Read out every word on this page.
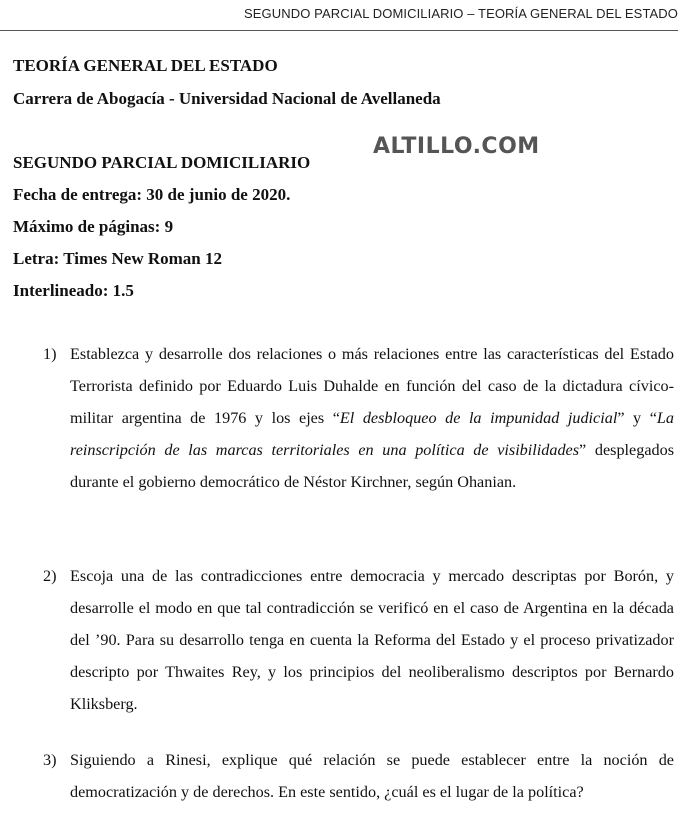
SEGUNDO PARCIAL DOMICILIARIO – TEORÍA GENERAL DEL ESTADO
TEORÍA GENERAL DEL ESTADO
Carrera de Abogacía - Universidad Nacional de Avellaneda
ALTILLO.COM
SEGUNDO PARCIAL DOMICILIARIO
Fecha de entrega: 30 de junio de 2020.
Máximo de páginas: 9
Letra: Times New Roman 12
Interlineado: 1.5
1) Establezca y desarrolle dos relaciones o más relaciones entre las características del Estado Terrorista definido por Eduardo Luis Duhalde en función del caso de la dictadura cívico-militar argentina de 1976 y los ejes “El desbloqueo de la impunidad judicial” y “La reinscripción de las marcas territoriales en una política de visibilidades” desplegados durante el gobierno democrático de Néstor Kirchner, según Ohanian.
2) Escoja una de las contradicciones entre democracia y mercado descriptas por Borón, y desarrolle el modo en que tal contradicción se verificó en el caso de Argentina en la década del ’90. Para su desarrollo tenga en cuenta la Reforma del Estado y el proceso privatizador descripto por Thwaites Rey, y los principios del neoliberalismo descriptos por Bernardo Kliksberg.
3) Siguiendo a Rinesi, explique qué relación se puede establecer entre la noción de democratización y de derechos. En este sentido, ¿cuál es el lugar de la política?
